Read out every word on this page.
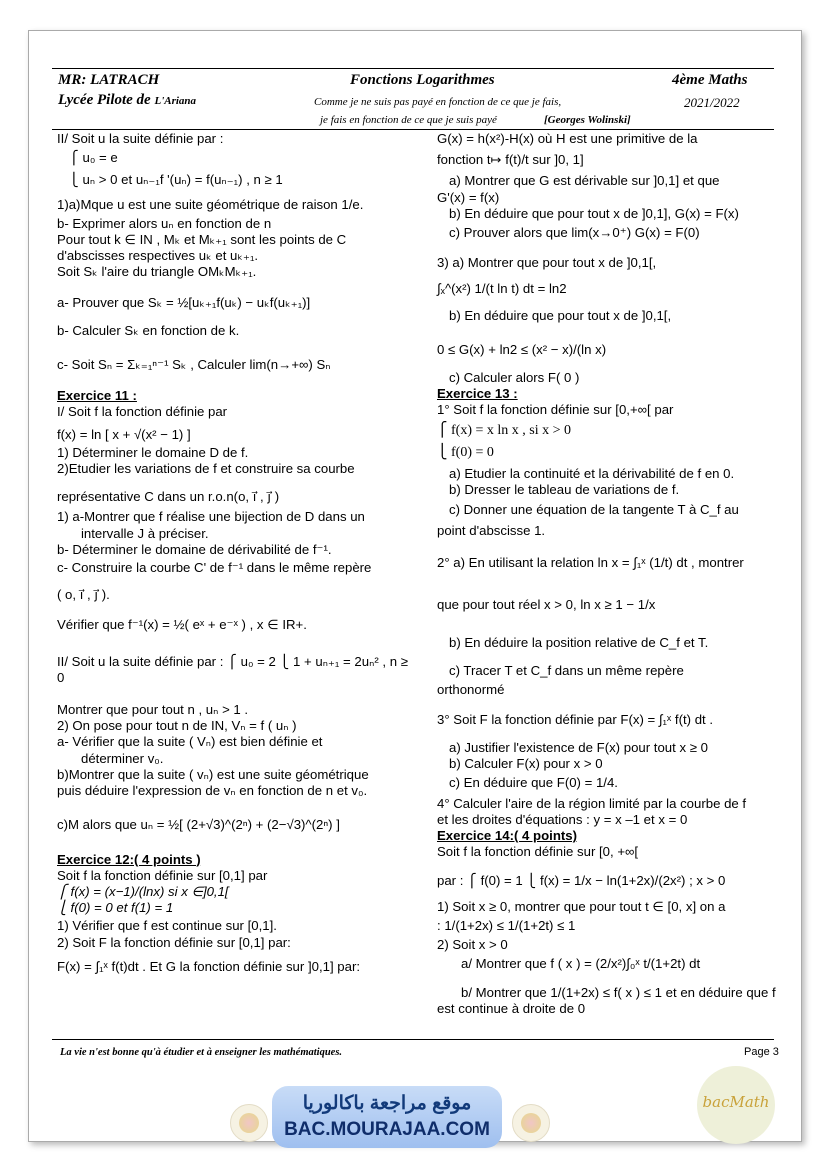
MR: LATRACH
Lycée Pilote de L'Ariana
Fonctions Logarithmes	4ème Maths
Comme je ne suis pas payé en fonction de ce que je fais,
je fais en fonction de ce que je suis payé	[Georges Wolinski]
2021/2022

II/ Soit u la suite définie par :

⎧ u₀ = e

⎩ uₙ > 0 et uₙ₋₁f '(uₙ) = f(uₙ₋₁) , n ≥ 1

1)a)Mque u est une suite géométrique de raison 1/e.

b- Exprimer alors uₙ en fonction de n

Pour tout k ∈ IN , Mₖ et Mₖ₊₁ sont les points de C

d'abscisses respectives uₖ et uₖ₊₁.

Soit Sₖ l'aire du triangle OMₖMₖ₊₁.

a- Prouver que Sₖ = ½[uₖ₊₁f(uₖ) − uₖf(uₖ₊₁)]

b- Calculer Sₖ en fonction de k.

c- Soit Sₙ = Σₖ₌₁ⁿ⁻¹ Sₖ , Calculer lim(n→+∞) Sₙ

Exercice 11 :

I/ Soit f la fonction définie par

f(x) = ln [ x + √(x² − 1) ]

1) Déterminer le domaine D de f.

2)Etudier les variations de f et construire sa courbe

représentative C dans un r.o.n(o, i⃗ , j⃗ )

1) a-Montrer que f réalise une bijection de D dans un

intervalle J à préciser.

b- Déterminer le domaine de dérivabilité de f⁻¹.

c- Construire la courbe C' de f⁻¹ dans le même repère

( o, i⃗ , j⃗ ).

Vérifier que f⁻¹(x) = ½( eˣ + e⁻ˣ ) , x ∈ IR+.

II/ Soit u la suite définie par : ⎧ u₀ = 2 ⎩ 1 + uₙ₊₁ = 2uₙ² , n ≥ 0

Montrer que pour tout n , uₙ > 1 .

2) On pose pour tout n de IN, Vₙ = f ( uₙ )

a- Vérifier que la suite ( Vₙ) est bien définie et

déterminer v₀.

b)Montrer que la suite ( vₙ) est une suite géométrique

puis déduire l'expression de vₙ en fonction de n et v₀.

c)M alors que uₙ = ½[ (2+√3)^(2ⁿ) + (2−√3)^(2ⁿ) ]

Exercice 12:( 4 points )

Soit f la fonction définie sur [0,1] par

⎧ f(x) = (x−1)/(lnx) si x ∈]0,1[

⎩ f(0) = 0 et f(1) = 1

1) Vérifier que f est continue sur [0,1].

2) Soit F la fonction définie sur [0,1] par:

F(x) = ∫₁ˣ f(t)dt . Et G la fonction définie sur ]0,1] par:

G(x) = h(x²)-H(x) où H est une primitive de la

fonction t↦ f(t)/t sur ]0, 1]

a) Montrer que G est dérivable sur ]0,1] et que

G'(x) = f(x)

b) En déduire que pour tout x de ]0,1], G(x) = F(x)

c) Prouver alors que lim(x→0⁺) G(x) = F(0)

3) a) Montrer que pour tout x de ]0,1[,

∫ₓ^(x²) 1/(t ln t) dt = ln2

b) En déduire que pour tout x de ]0,1[,

0 ≤ G(x) + ln2 ≤ (x² − x)/(ln x)

c) Calculer alors F( 0 )

Exercice 13 :

1° Soit f la fonction définie sur [0,+∞[ par

⎧ f(x) = x ln x , si x > 0

⎩ f(0) = 0

a) Etudier la continuité et la dérivabilité de f en 0.

b) Dresser le tableau de variations de f.

c) Donner une équation de la tangente T à C_f au

point d'abscisse 1.

2° a) En utilisant la relation ln x = ∫₁ˣ (1/t) dt , montrer

que pour tout réel x > 0, ln x ≥ 1 − 1/x

b) En déduire la position relative de C_f et T.

c) Tracer T et C_f dans un même repère

orthonormé

3° Soit F la fonction définie par F(x) = ∫₁ˣ f(t) dt .

a) Justifier l'existence de F(x) pour tout x ≥ 0

b) Calculer F(x) pour x > 0

c) En déduire que F(0) = 1/4.

4° Calculer l'aire de la région limité par la courbe de f

et les droites d'équations : y = x –1 et x = 0

Exercice 14:( 4 points)

Soit f la fonction définie sur [0, +∞[

par : ⎧ f(0) = 1 ⎩ f(x) = 1/x − ln(1+2x)/(2x²) ; x > 0

1) Soit x ≥ 0, montrer que pour tout t ∈ [0, x] on a

: 1/(1+2x) ≤ 1/(1+2t) ≤ 1

2) Soit x > 0

a/ Montrer que f ( x ) = (2/x²)∫₀ˣ t/(1+2t) dt

b/ Montrer que 1/(1+2x) ≤ f( x ) ≤ 1 et en déduire que f

est continue à droite de 0

La vie n'est bonne qu'à étudier et à enseigner les mathématiques.	Page 3
موقع مراجعة باكالوريا
BAC.MOURAJAA.COM
bacMath
